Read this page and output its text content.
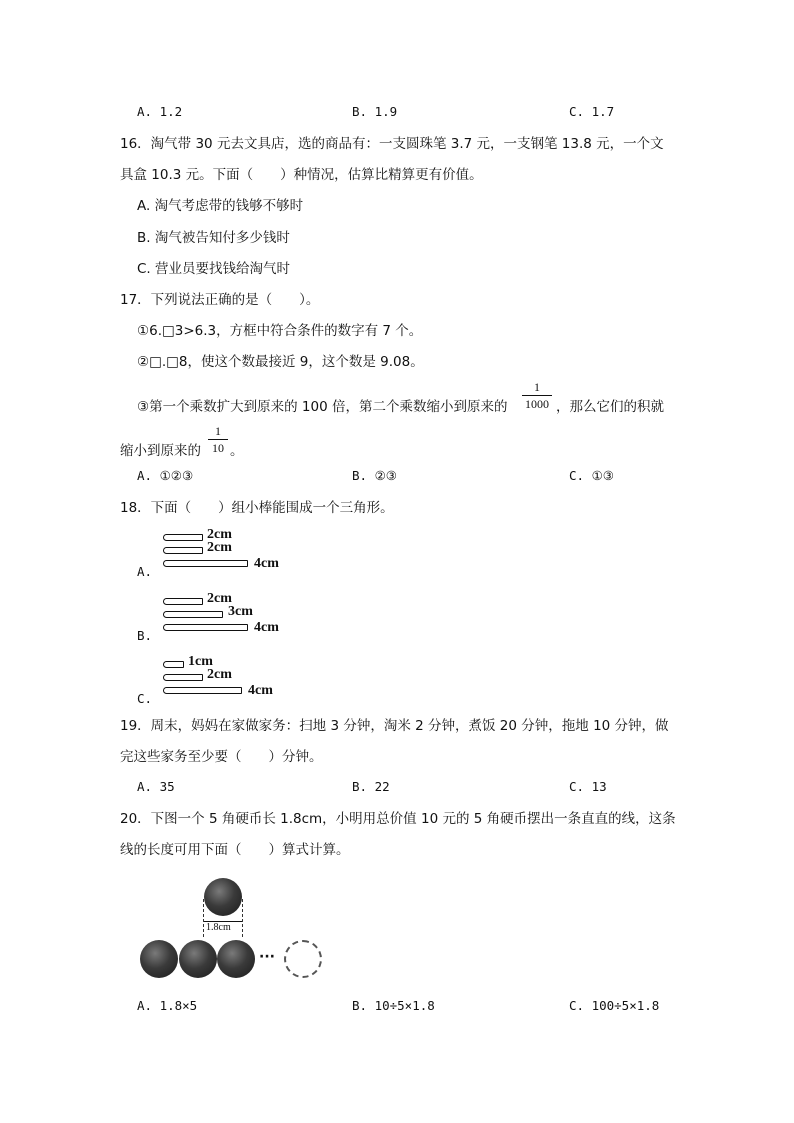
A. 1.2	B. 1.9	C. 1.7
16．淘气带 30 元去文具店，选的商品有：一支圆珠笔 3.7 元，一支钢笔 13.8 元，一个文
具盒 10.3 元。下面（　　）种情况，估算比精算更有价值。
A. 淘气考虑带的钱够不够时
B. 淘气被告知付多少钱时
C. 营业员要找钱给淘气时
17．下列说法正确的是（　　）。
①6.□3>6.3，方框中符合条件的数字有 7 个。
②□.□8，使这个数最接近 9，这个数是 9.08。
③第一个乘数扩大到原来的 100 倍，第二个乘数缩小到原来的
1
1000 ，那么它们的积就
缩小到原来的
1
10 。
A. ①②③	B. ②③	C. ①③
18．下面（　　）组小棒能围成一个三角形。
A.
2cm
2cm
4cm
B.
2cm
3cm
4cm
C.
1cm
2cm
4cm
19．周末，妈妈在家做家务：扫地 3 分钟，淘米 2 分钟，煮饭 20 分钟，拖地 10 分钟，做
完这些家务至少要（　　）分钟。
A. 35	B. 22	C. 13
20．下图一个 5 角硬币长 1.8cm，小明用总价值 10 元的 5 角硬币摆出一条直直的线，这条
线的长度可用下面（　　）算式计算。
1.8cm
···
A. 1.8×5	B. 10÷5×1.8	C. 100÷5×1.8
